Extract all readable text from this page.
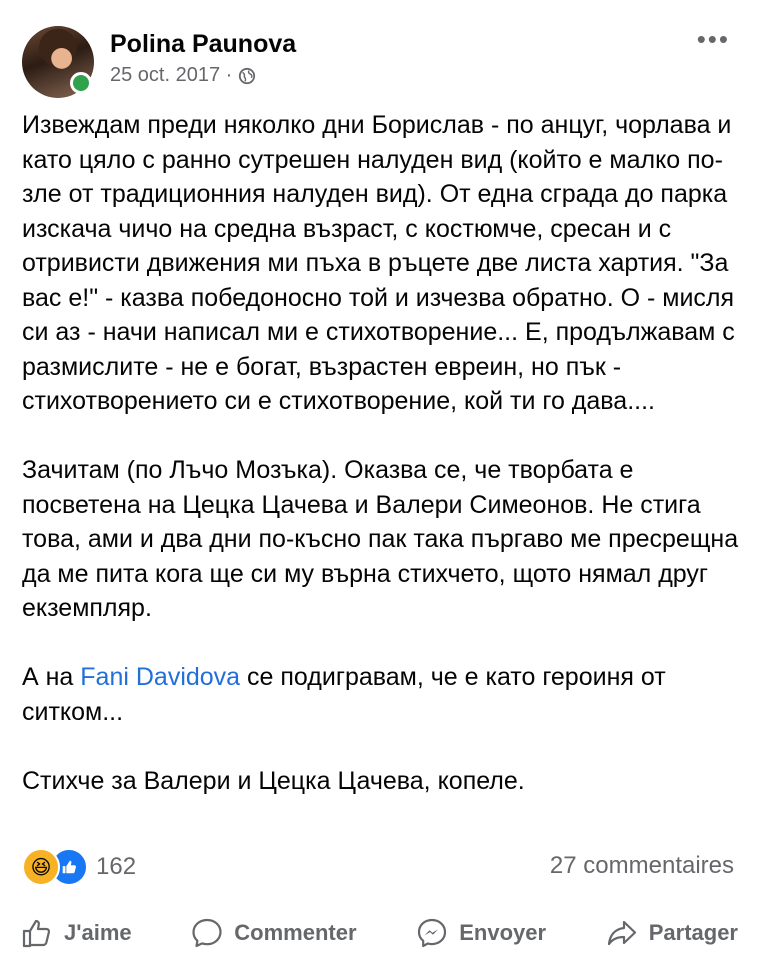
Polina Paunova
25 oct. 2017 ·
•••

Извеждам преди няколко дни Борислав - по анцуг, чорлава и като цяло с ранно сутрешен налуден вид (който е малко по-зле от традиционния налуден вид). От една сграда до парка изскача чичо на средна възраст, с костюмче, сресан и с отривисти движения ми пъха в ръцете две листа хартия. "За вас е!" - казва победоносно той и изчезва обратно. О - мисля си аз - начи написал ми е стихотворение... Е, продължавам с размислите - не е богат, възрастен евреин, но пък - стихотворението си е стихотворение, кой ти го дава....

Зачитам (по Лъчо Мозъка). Оказва се, че творбата е посветена на Цецка Цачева и Валери Симеонов. Не стига това, ами и два дни по-късно пак така пъргаво ме пресрещна да ме пита кога ще си му върна стихчето, щото нямал друг екземпляр.

А на Fani Davidova се подигравам, че е като героиня от ситком...

Стихче за Валери и Цецка Цачева, копеле.

😆	162	27 commentaires
J'aime	Commenter	Envoyer	Partager
